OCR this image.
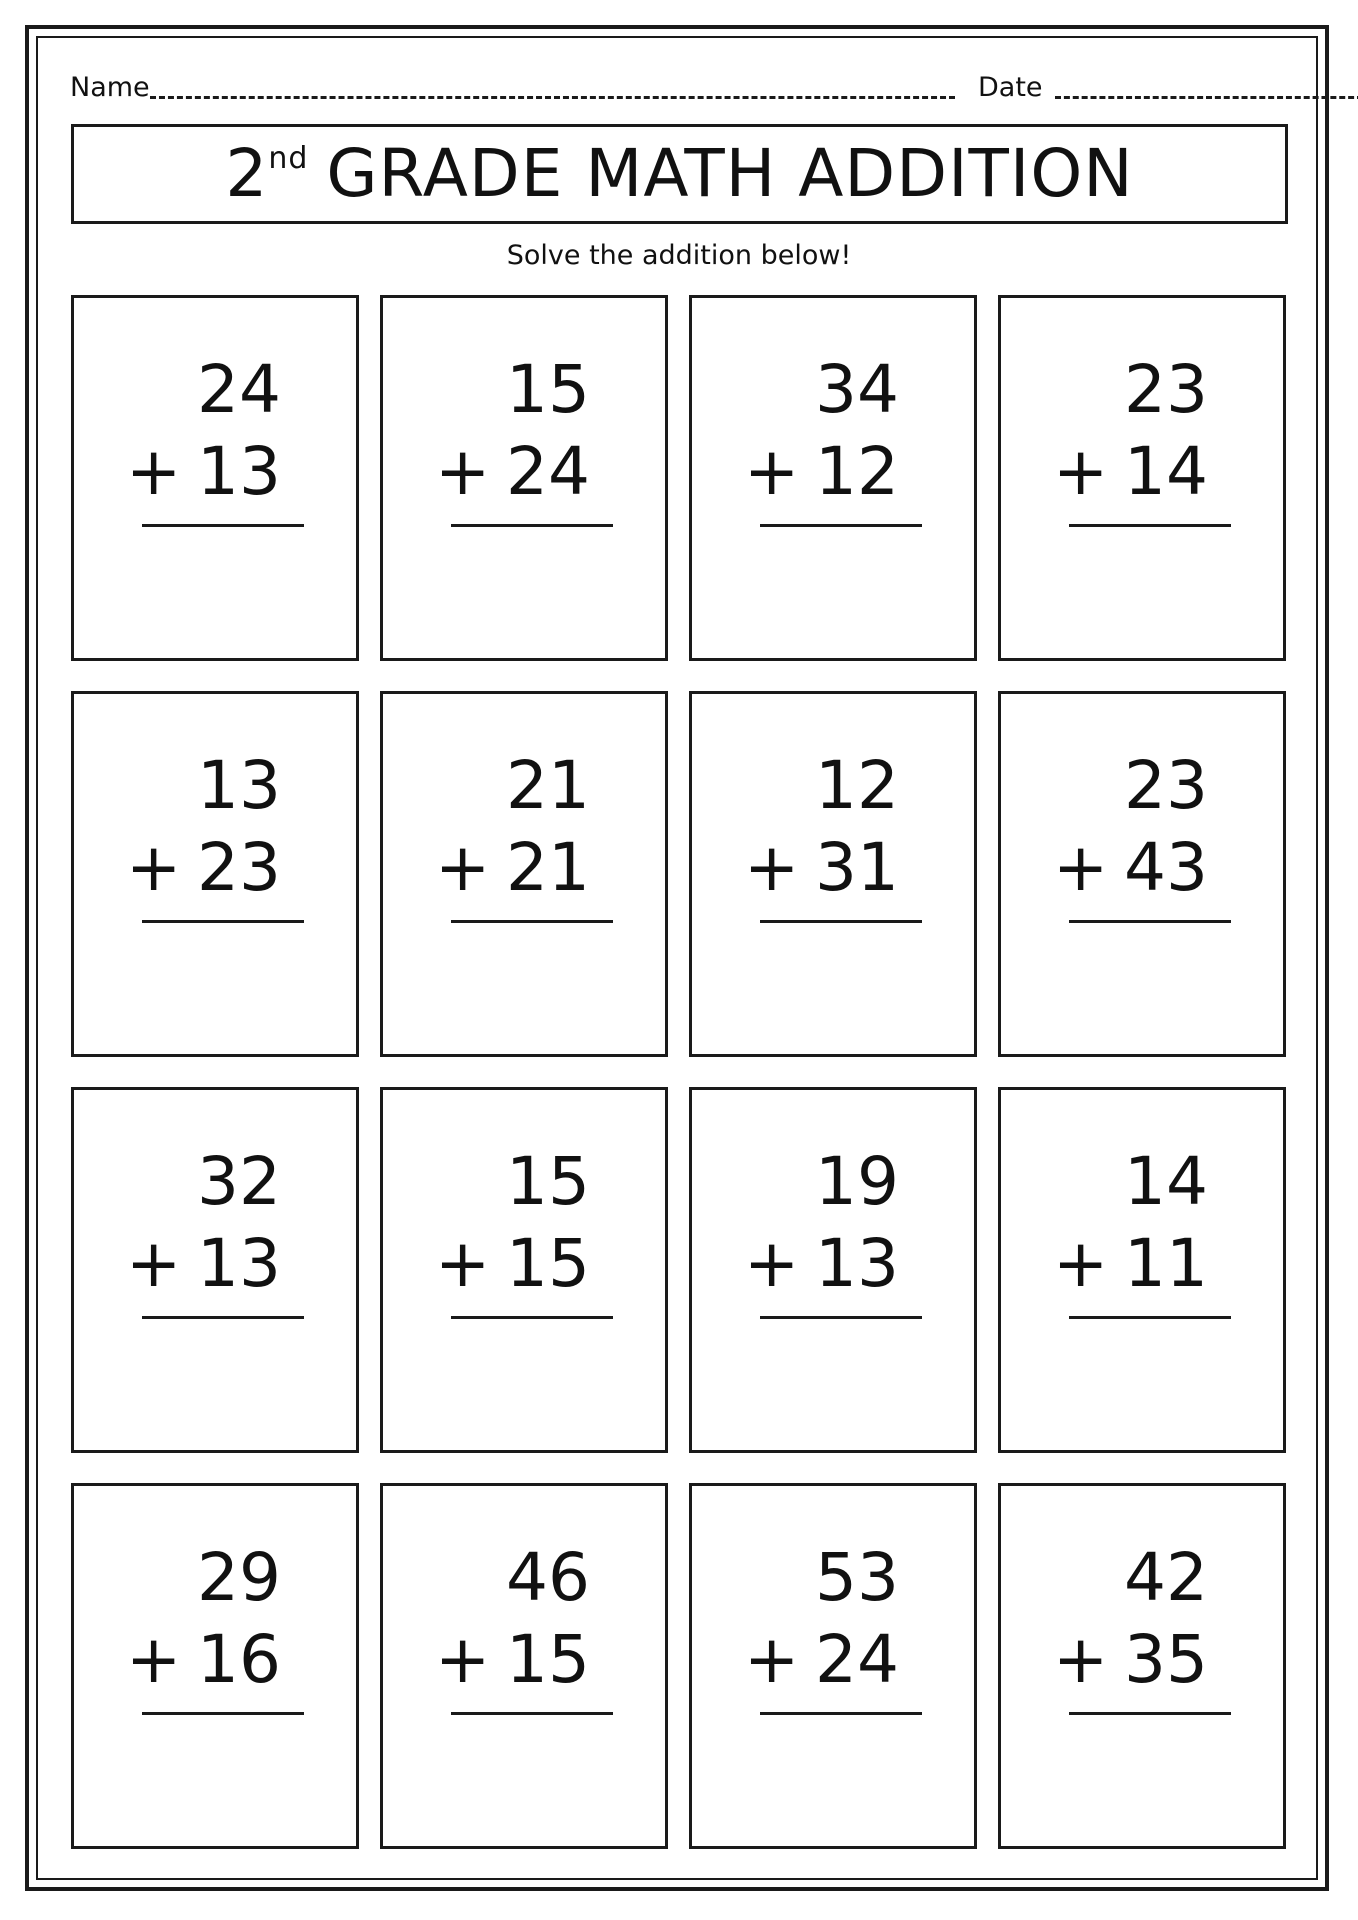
Name	Date
2nd GRADE MATH ADDITION
Solve the addition below!
24
+ 13
15
+ 24
34
+ 12
23
+ 14
13
+ 23
21
+ 21
12
+ 31
23
+ 43
32
+ 13
15
+ 15
19
+ 13
14
+ 11
29
+ 16
46
+ 15
53
+ 24
42
+ 35
